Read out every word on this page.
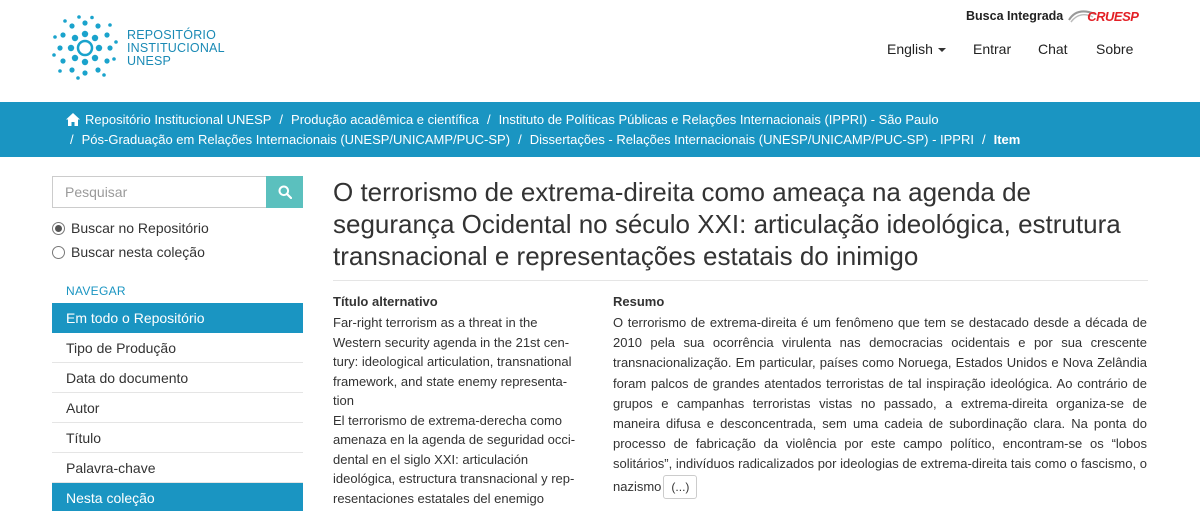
REPOSITÓRIO
INSTITUCIONAL
UNESP
Busca Integrada CRUESP
English	Entrar Chat Sobre
Repositório Institucional UNESP / Produção acadêmica e científica / Instituto de Políticas Públicas e Relações Internacionais (IPPRI) - São Paulo
/ Pós-Graduação em Relações Internacionais (UNESP/UNICAMP/PUC-SP) / Dissertações - Relações Internacionais (UNESP/UNICAMP/PUC-SP) - IPPRI / Item
Pesquisar
Buscar no Repositório
Buscar nesta coleção
NAVEGAR
Em todo o Repositório
Tipo de Produção
Data do documento
Autor
Título
Palavra-chave
Nesta coleção
O terrorismo de extrema-direita como ameaça na agenda de segurança Ocidental no século XXI: articulação ideológica, estrutura transnacional e representações estatais do inimigo
Título alternativo
Far-right terrorism as a threat in the
Western security agenda in the 21st cen-
tury: ideological articulation, transnational
framework, and state enemy representa-
tion
El terrorismo de extrema-derecha como
amenaza en la agenda de seguridad occi-
dental en el siglo XXI: articulación
ideológica, estructura transnacional y rep-
resentaciones estatales del enemigo
Resumo
O terrorismo de extrema-direita é um fenômeno que tem se destacado desde a década de 2010 pela sua ocorrência virulenta nas democracias ocidentais e por sua crescente transnacionalização. Em particular, países como Noruega, Estados Unidos e Nova Zelândia foram palcos de grandes atentados terroristas de tal inspiração ideológica. Ao contrário de grupos e campanhas terroristas vistas no passado, a extrema-direita organiza-se de maneira difusa e desconcentrada, sem uma cadeia de subordinação clara. Na ponta do processo de fabricação da violência por este campo político, encontram-se os “lobos solitários”, indivíduos radicalizados por ideologias de extrema-direita tais como o fascismo, o nazismo (...)
